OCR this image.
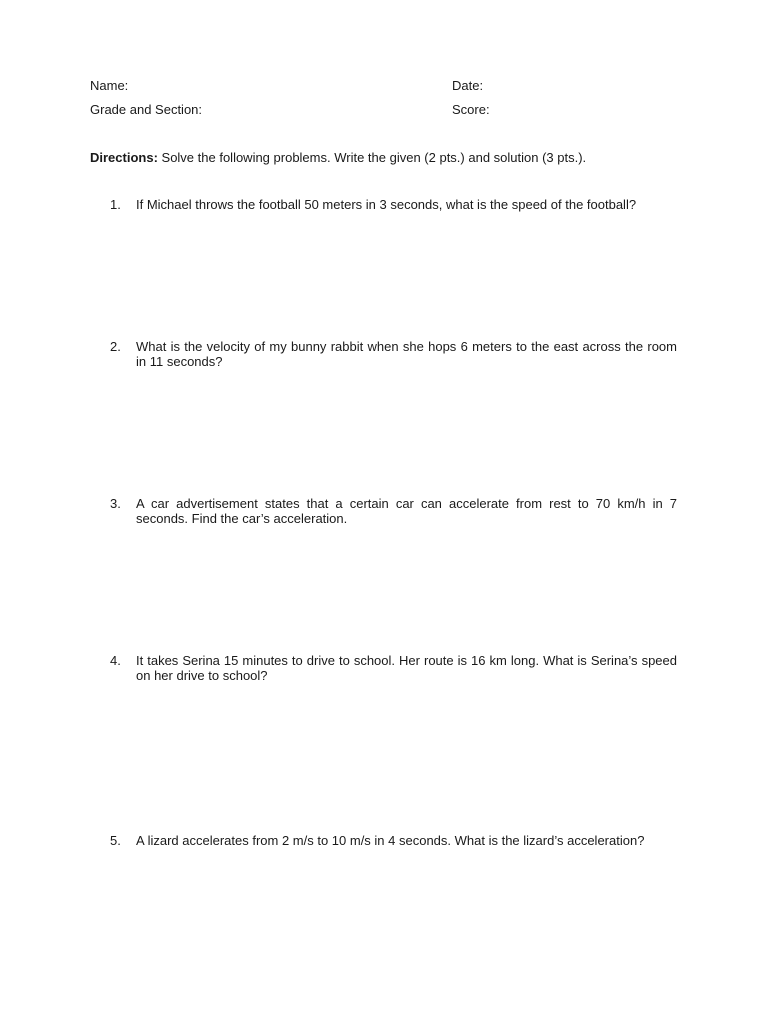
Name:	Date:
Grade and Section:	Score:
Directions: Solve the following problems. Write the given (2 pts.) and solution (3 pts.).
1.	If Michael throws the football 50 meters in 3 seconds, what is the speed of the football?
2.	What is the velocity of my bunny rabbit when she hops 6 meters to the east across the room in 11 seconds?
3.	A car advertisement states that a certain car can accelerate from rest to 70 km/h in 7 seconds. Find the car’s acceleration.
4.	It takes Serina 15 minutes to drive to school. Her route is 16 km long. What is Serina’s speed on her drive to school?
5.	A lizard accelerates from 2 m/s to 10 m/s in 4 seconds. What is the lizard’s acceleration?
